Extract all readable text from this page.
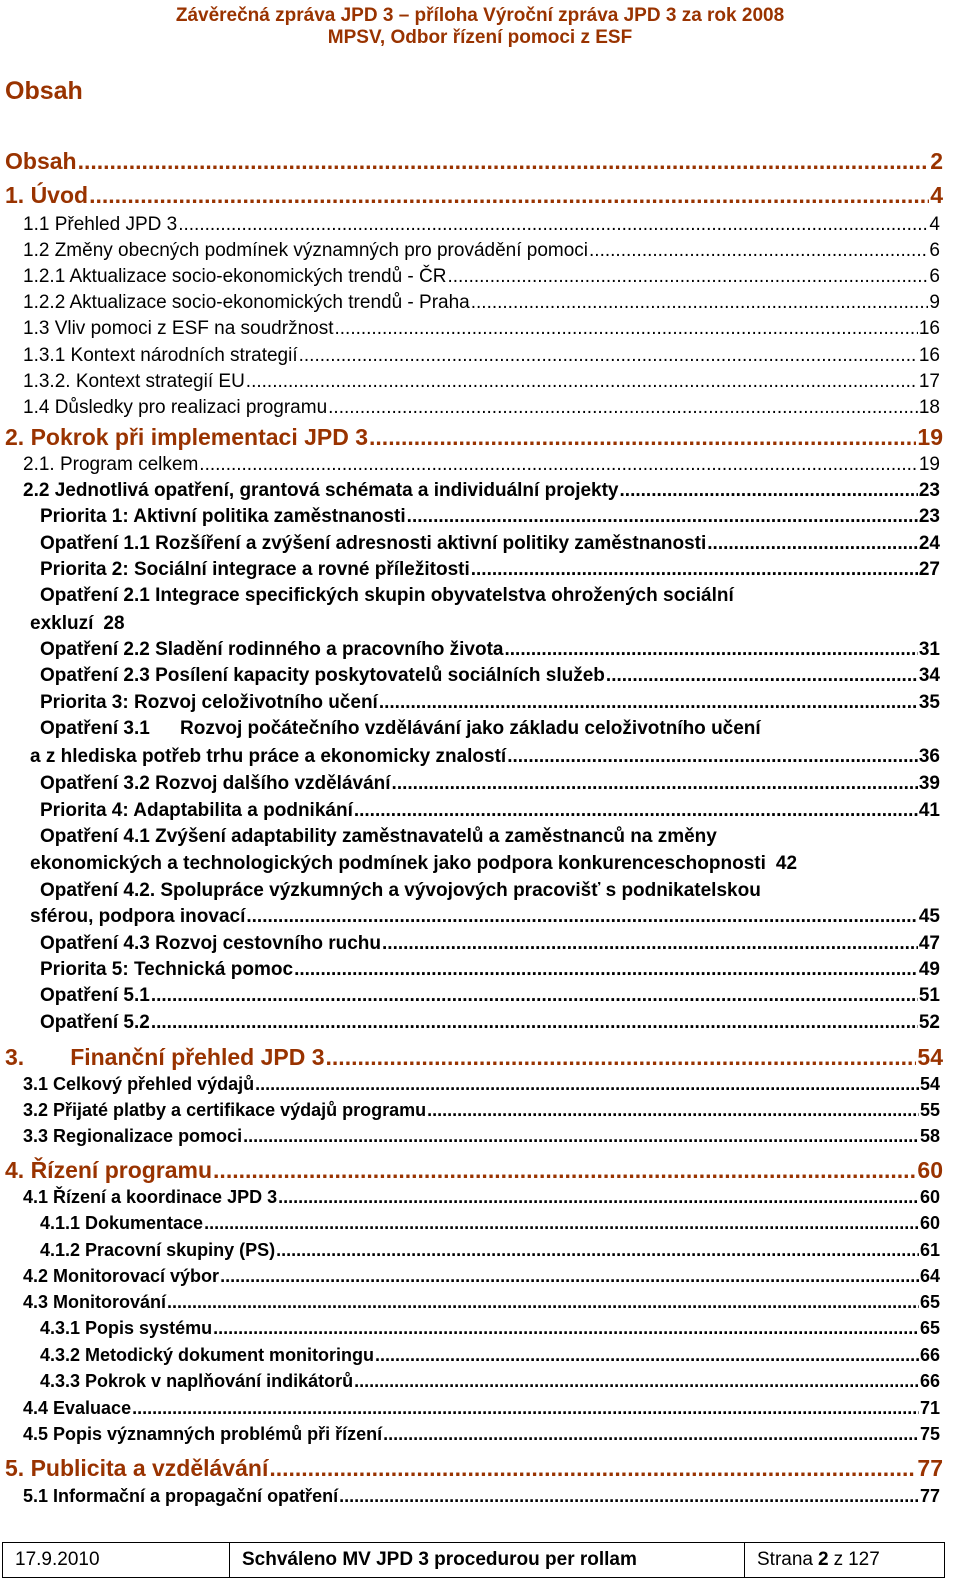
Závěrečná zpráva JPD 3 – příloha Výroční zpráva JPD 3 za rok 2008
MPSV, Odbor řízení pomoci z ESF
Obsah
Obsah .....	2
1. Úvod .....	4
1.1 Přehled JPD 3 .....	4
1.2 Změny obecných podmínek významných pro provádění pomoci .....	6
1.2.1 Aktualizace socio-ekonomických trendů - ČR .....	6
1.2.2 Aktualizace socio-ekonomických trendů - Praha .....	9
1.3 Vliv pomoci z ESF na soudržnost .....	16
1.3.1 Kontext národních strategií .....	16
1.3.2. Kontext strategií EU .....	17
1.4 Důsledky pro realizaci programu .....	18
2. Pokrok při implementaci JPD 3 .....	19
2.1. Program celkem .....	19
2.2 Jednotlivá opatření, grantová schémata a individuální projekty .....	23
Priorita 1: Aktivní politika zaměstnanosti .....	23
Opatření 1.1 Rozšíření a zvýšení adresnosti aktivní politiky zaměstnanosti .....	24
Priorita 2: Sociální integrace a rovné příležitosti .....	27
Opatření 2.1 Integrace specifických skupin obyvatelstva ohrožených sociální
exkluzí 28
Opatření 2.2 Sladění rodinného a pracovního života .....	31
Opatření 2.3 Posílení kapacity poskytovatelů sociálních služeb .....	34
Priorita 3: Rozvoj celoživotního učení .....	35
Opatření 3.1 Rozvoj počátečního vzdělávání jako základu celoživotního učení
a z hlediska potřeb trhu práce a ekonomicky znalostí .....	36
Opatření 3.2 Rozvoj dalšího vzdělávání .....	39
Priorita 4: Adaptabilita a podnikání .....	41
Opatření 4.1 Zvýšení adaptability zaměstnavatelů a zaměstnanců na změny
ekonomických a technologických podmínek jako podpora konkurenceschopnosti 42
Opatření 4.2. Spolupráce výzkumných a vývojových pracovišť s podnikatelskou
sférou, podpora inovací .....	45
Opatření 4.3 Rozvoj cestovního ruchu .....	47
Priorita 5: Technická pomoc .....	49
Opatření 5.1 .....	51
Opatření 5.2 .....	52
3. Finanční přehled JPD 3 .....	54
3.1 Celkový přehled výdajů .....	54
3.2 Přijaté platby a certifikace výdajů programu .....	55
3.3 Regionalizace pomoci .....	58
4. Řízení programu .....	60
4.1 Řízení a koordinace JPD 3 .....	60
4.1.1 Dokumentace .....	60
4.1.2 Pracovní skupiny (PS) .....	61
4.2 Monitorovací výbor .....	64
4.3 Monitorování .....	65
4.3.1 Popis systému .....	65
4.3.2 Metodický dokument monitoringu .....	66
4.3.3 Pokrok v naplňování indikátorů .....	66
4.4 Evaluace .....	71
4.5 Popis významných problémů při řízení .....	75
5. Publicita a vzdělávání .....	77
5.1 Informační a propagační opatření .....	77
17.9.2010	Schváleno MV JPD 3 procedurou per rollam	Strana 2 z 127
